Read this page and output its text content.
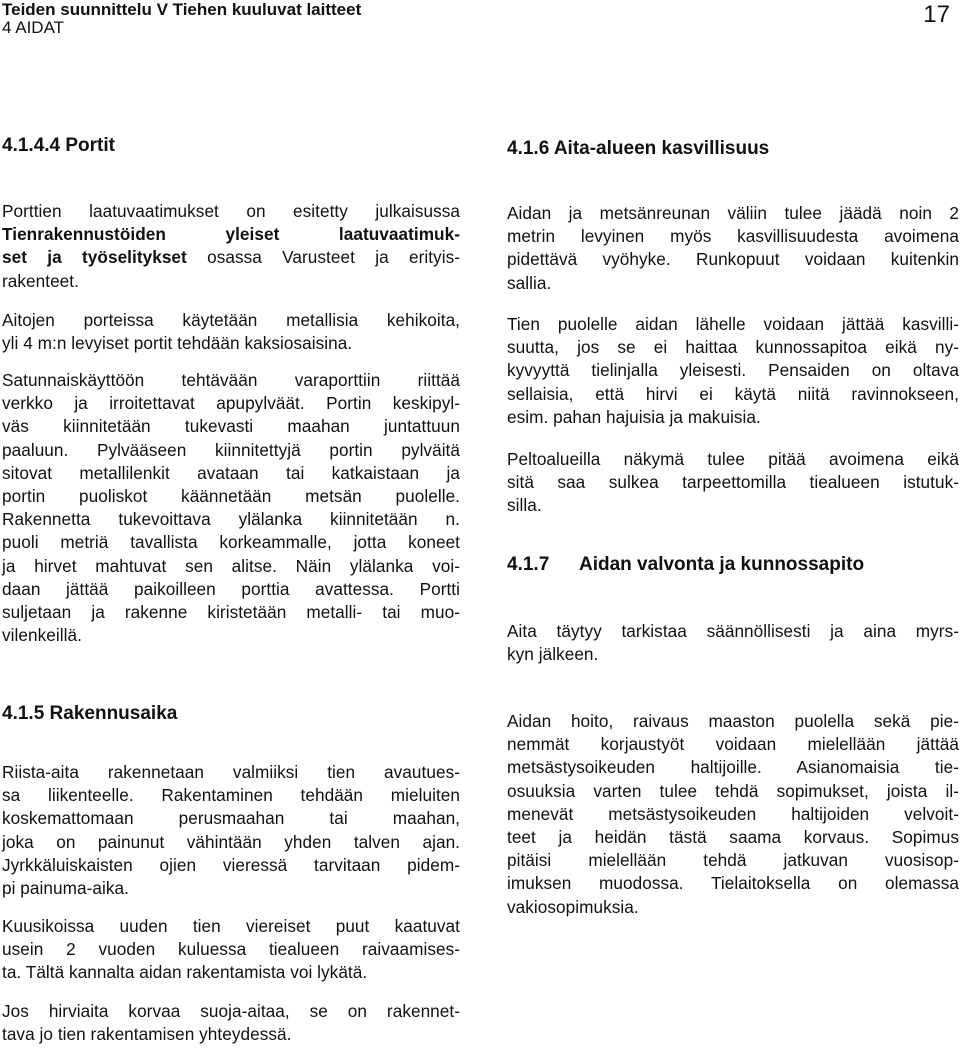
Teiden suunnittelu V Tiehen kuuluvat laitteet
4 AIDAT	17
4.1.4.4 Portit
Porttien laatuvaatimukset on esitetty julkaisussa
Tienrakennustöiden yleiset laatuvaatimuk-
set ja työselitykset osassa Varusteet ja erityis-
rakenteet.
Aitojen porteissa käytetään metallisia kehikoita,
yli 4 m:n levyiset portit tehdään kaksiosaisina.
Satunnaiskäyttöön tehtävään varaporttiin riittää
verkko ja irroitettavat apupylväät. Portin keskipyl-
väs kiinnitetään tukevasti maahan juntattuun
paaluun. Pylvääseen kiinnitettyjä portin pylväitä
sitovat metallilenkit avataan tai katkaistaan ja
portin puoliskot käännetään metsän puolelle.
Rakennetta tukevoittava ylälanka kiinnitetään n.
puoli metriä tavallista korkeammalle, jotta koneet
ja hirvet mahtuvat sen alitse. Näin ylälanka voi-
daan jättää paikoilleen porttia avattessa. Portti
suljetaan ja rakenne kiristetään metalli- tai muo-
vilenkeillä.
4.1.5 Rakennusaika
Riista-aita rakennetaan valmiiksi tien avautues-
sa liikenteelle. Rakentaminen tehdään mieluiten
koskemattomaan perusmaahan tai maahan,
joka on painunut vähintään yhden talven ajan.
Jyrkkäluiskaisten ojien vieressä tarvitaan pidem-
pi painuma-aika.
Kuusikoissa uuden tien viereiset puut kaatuvat
usein 2 vuoden kuluessa tiealueen raivaamises-
ta. Tältä kannalta aidan rakentamista voi lykätä.
Jos hirviaita korvaa suoja-aitaa, se on rakennet-
tava jo tien rakentamisen yhteydessä.
4.1.6 Aita-alueen kasvillisuus
Aidan ja metsänreunan väliin tulee jäädä noin 2
metrin levyinen myös kasvillisuudesta avoimena
pidettävä vyöhyke. Runkopuut voidaan kuitenkin
sallia.
Tien puolelle aidan lähelle voidaan jättää kasvilli-
suutta, jos se ei haittaa kunnossapitoa eikä ny-
kyvyyttä tielinjalla yleisesti. Pensaiden on oltava
sellaisia, että hirvi ei käytä niitä ravinnokseen,
esim. pahan hajuisia ja makuisia.
Peltoalueilla näkymä tulee pitää avoimena eikä
sitä saa sulkea tarpeettomilla tiealueen istutuk-
silla.
4.1.7 Aidan valvonta ja kunnossapito
Aita täytyy tarkistaa säännöllisesti ja aina myrs-
kyn jälkeen.
Aidan hoito, raivaus maaston puolella sekä pie-
nemmät korjaustyöt voidaan mielellään jättää
metsästysoikeuden haltijoille. Asianomaisia tie-
osuuksia varten tulee tehdä sopimukset, joista il-
menevät metsästysoikeuden haltijoiden velvoit-
teet ja heidän tästä saama korvaus. Sopimus
pitäisi mielellään tehdä jatkuvan vuosisop-
imuksen muodossa. Tielaitoksella on olemassa
vakiosopimuksia.
